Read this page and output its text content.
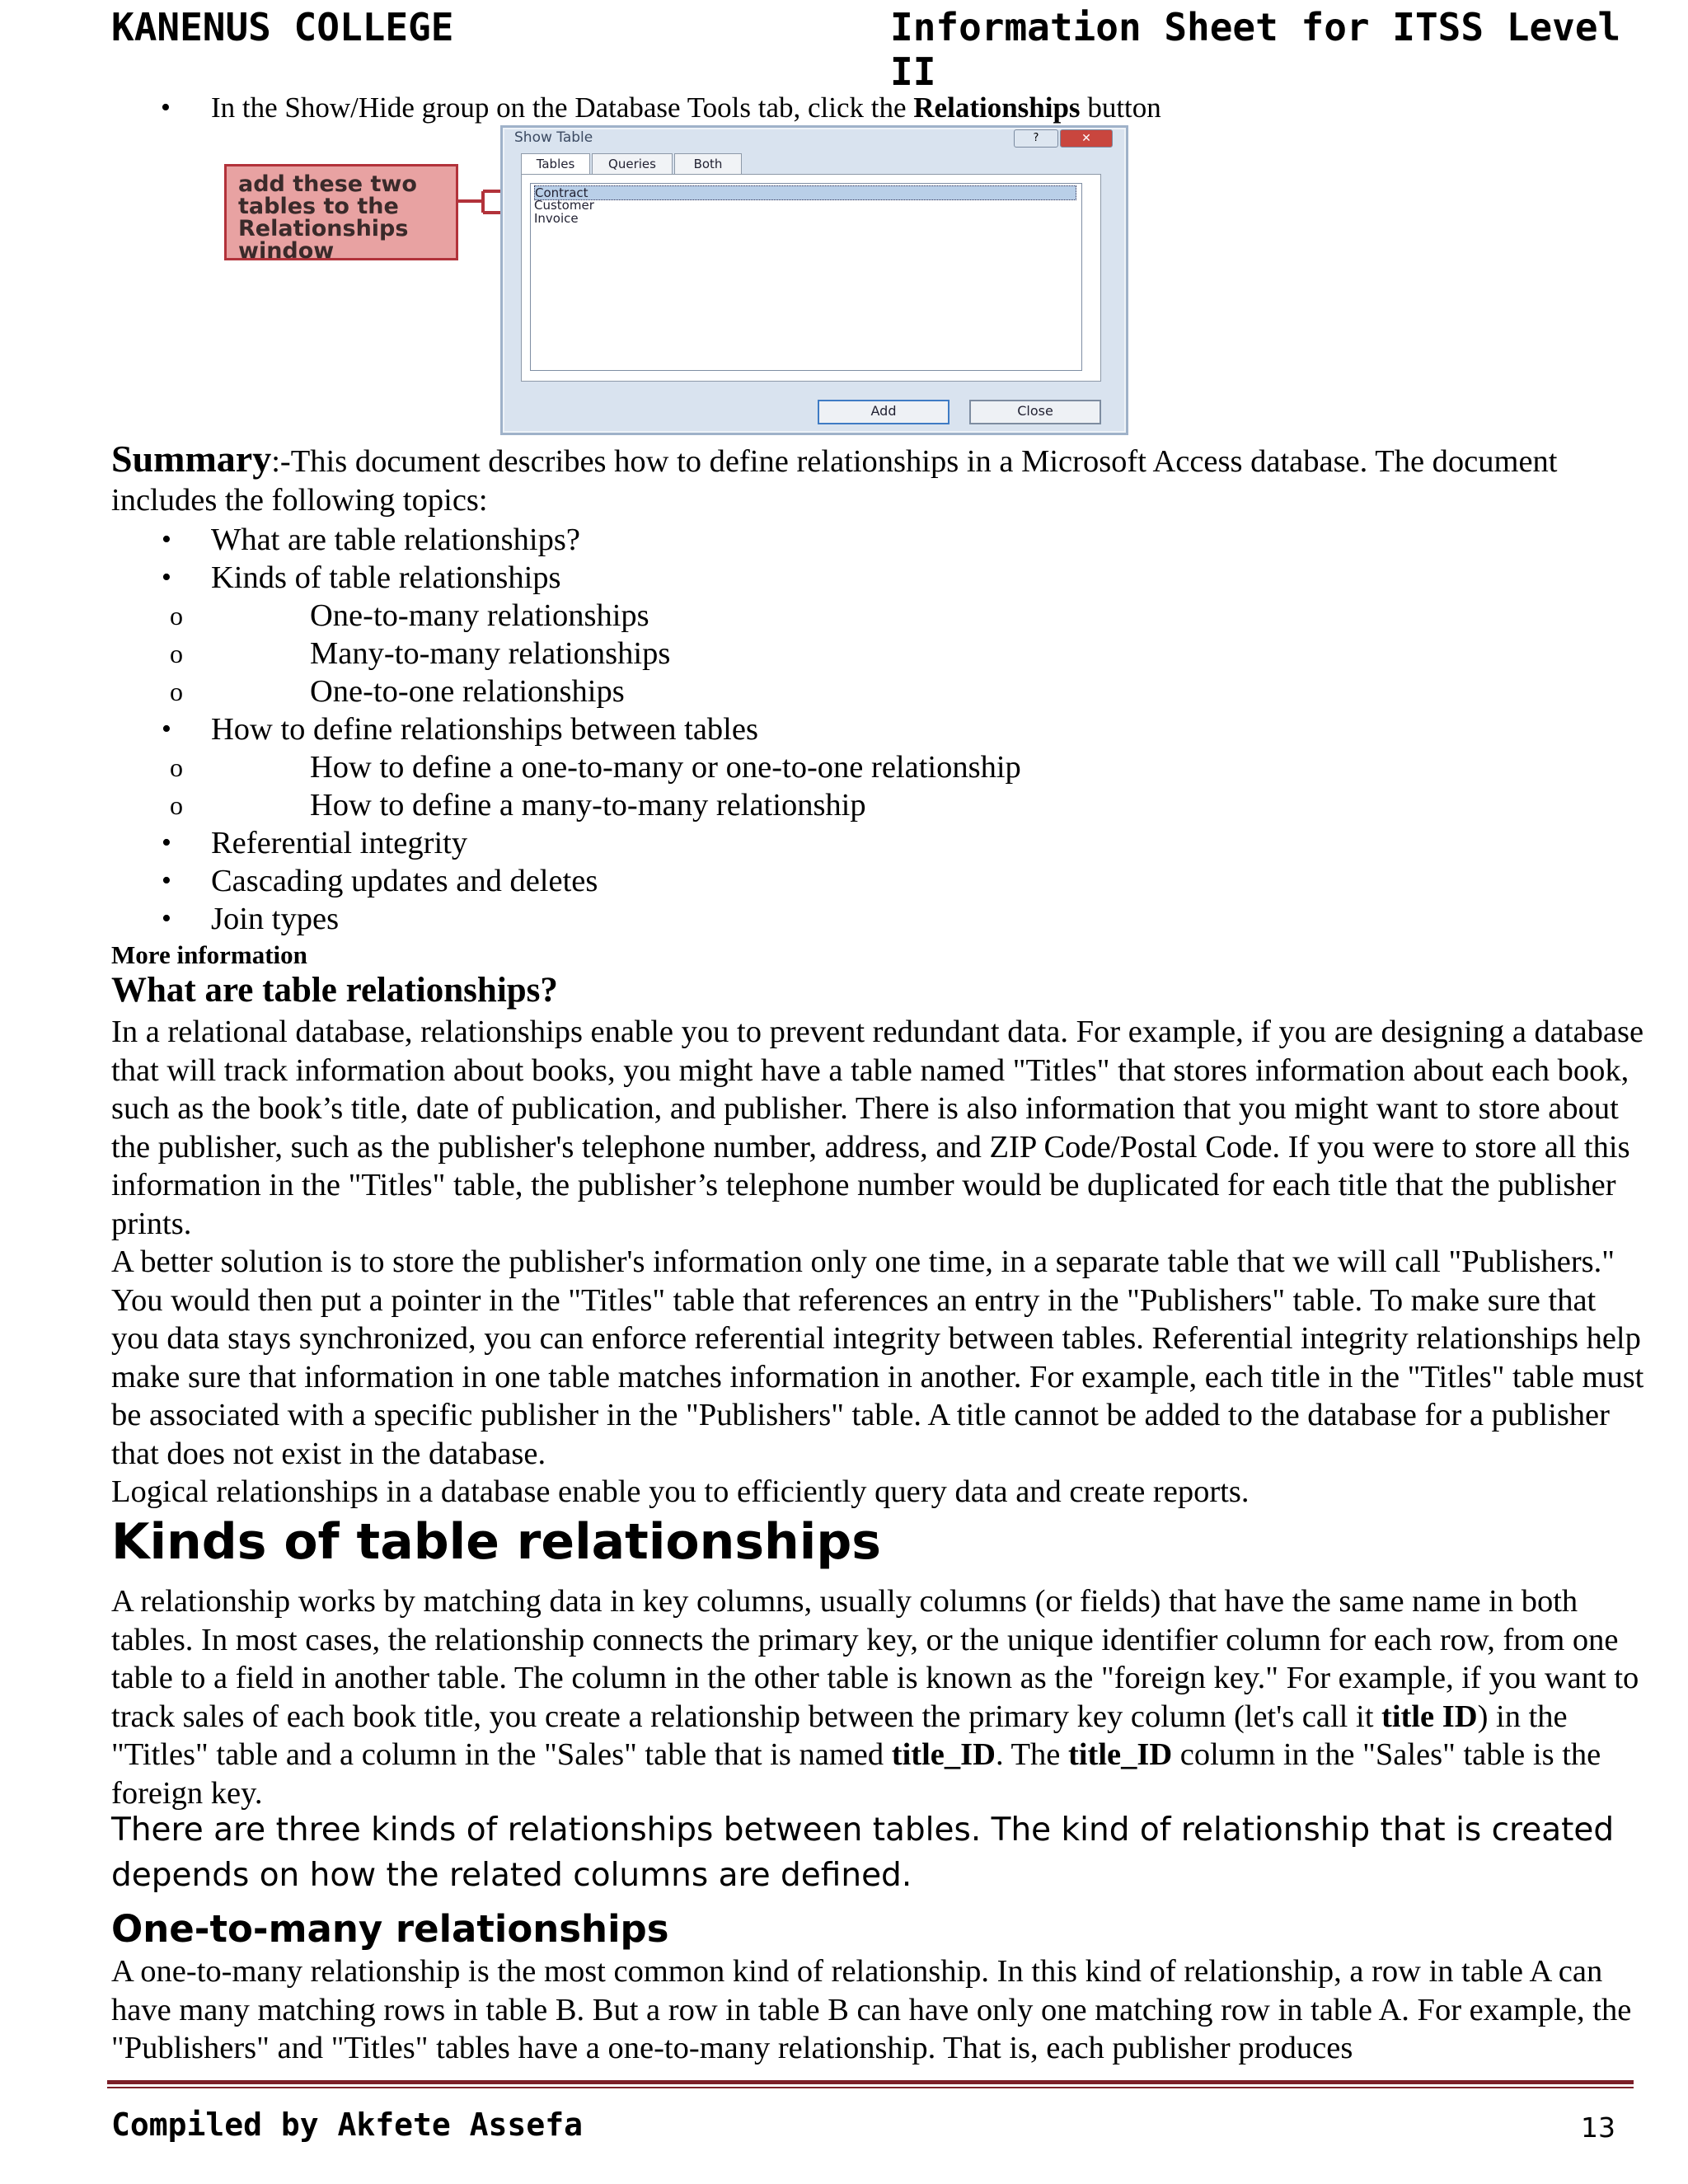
KANENUS COLLEGE	Information Sheet for ITSS Level II
• In the Show/Hide group on the Database Tools tab, click the Relationships button
add these two tables to the Relationships window
Show Table	?	✕
Tables	Queries	Both
Contract
Customer
Invoice
Add	Close

Summary:-This document describes how to define relationships in a Microsoft Access database. The document includes the following topics:

• What are table relationships?
• Kinds of table relationships
o	One-to-many relationships
o	Many-to-many relationships
o	One-to-one relationships
• How to define relationships between tables
o	How to define a one-to-many or one-to-one relationship
o	How to define a many-to-many relationship
• Referential integrity
• Cascading updates and deletes
• Join types
More information
What are table relationships?

In a relational database, relationships enable you to prevent redundant data. For example, if you are designing a database that will track information about books, you might have a table named "Titles" that stores information about each book, such as the book’s title, date of publication, and publisher. There is also information that you might want to store about the publisher, such as the publisher's telephone number, address, and ZIP Code/Postal Code. If you were to store all this information in the "Titles" table, the publisher’s telephone number would be duplicated for each title that the publisher prints.

A better solution is to store the publisher's information only one time, in a separate table that we will call "Publishers." You would then put a pointer in the "Titles" table that references an entry in the "Publishers" table. To make sure that you data stays synchronized, you can enforce referential integrity between tables. Referential integrity relationships help make sure that information in one table matches information in another. For example, each title in the "Titles" table must be associated with a specific publisher in the "Publishers" table. A title cannot be added to the database for a publisher that does not exist in the database.

Logical relationships in a database enable you to efficiently query data and create reports.

Kinds of table relationships

A relationship works by matching data in key columns, usually columns (or fields) that have the same name in both tables. In most cases, the relationship connects the primary key, or the unique identifier column for each row, from one table to a field in another table. The column in the other table is known as the "foreign key." For example, if you want to track sales of each book title, you create a relationship between the primary key column (let's call it title ID) in the "Titles" table and a column in the "Sales" table that is named title_ID. The title_ID column in the "Sales" table is the foreign key.

There are three kinds of relationships between tables. The kind of relationship that is created depends on how the related columns are defined.
One-to-many relationships

A one-to-many relationship is the most common kind of relationship. In this kind of relationship, a row in table A can have many matching rows in table B. But a row in table B can have only one matching row in table A. For example, the "Publishers" and "Titles" tables have a one-to-many relationship. That is, each publisher produces

Compiled by Akfete Assefa	13
